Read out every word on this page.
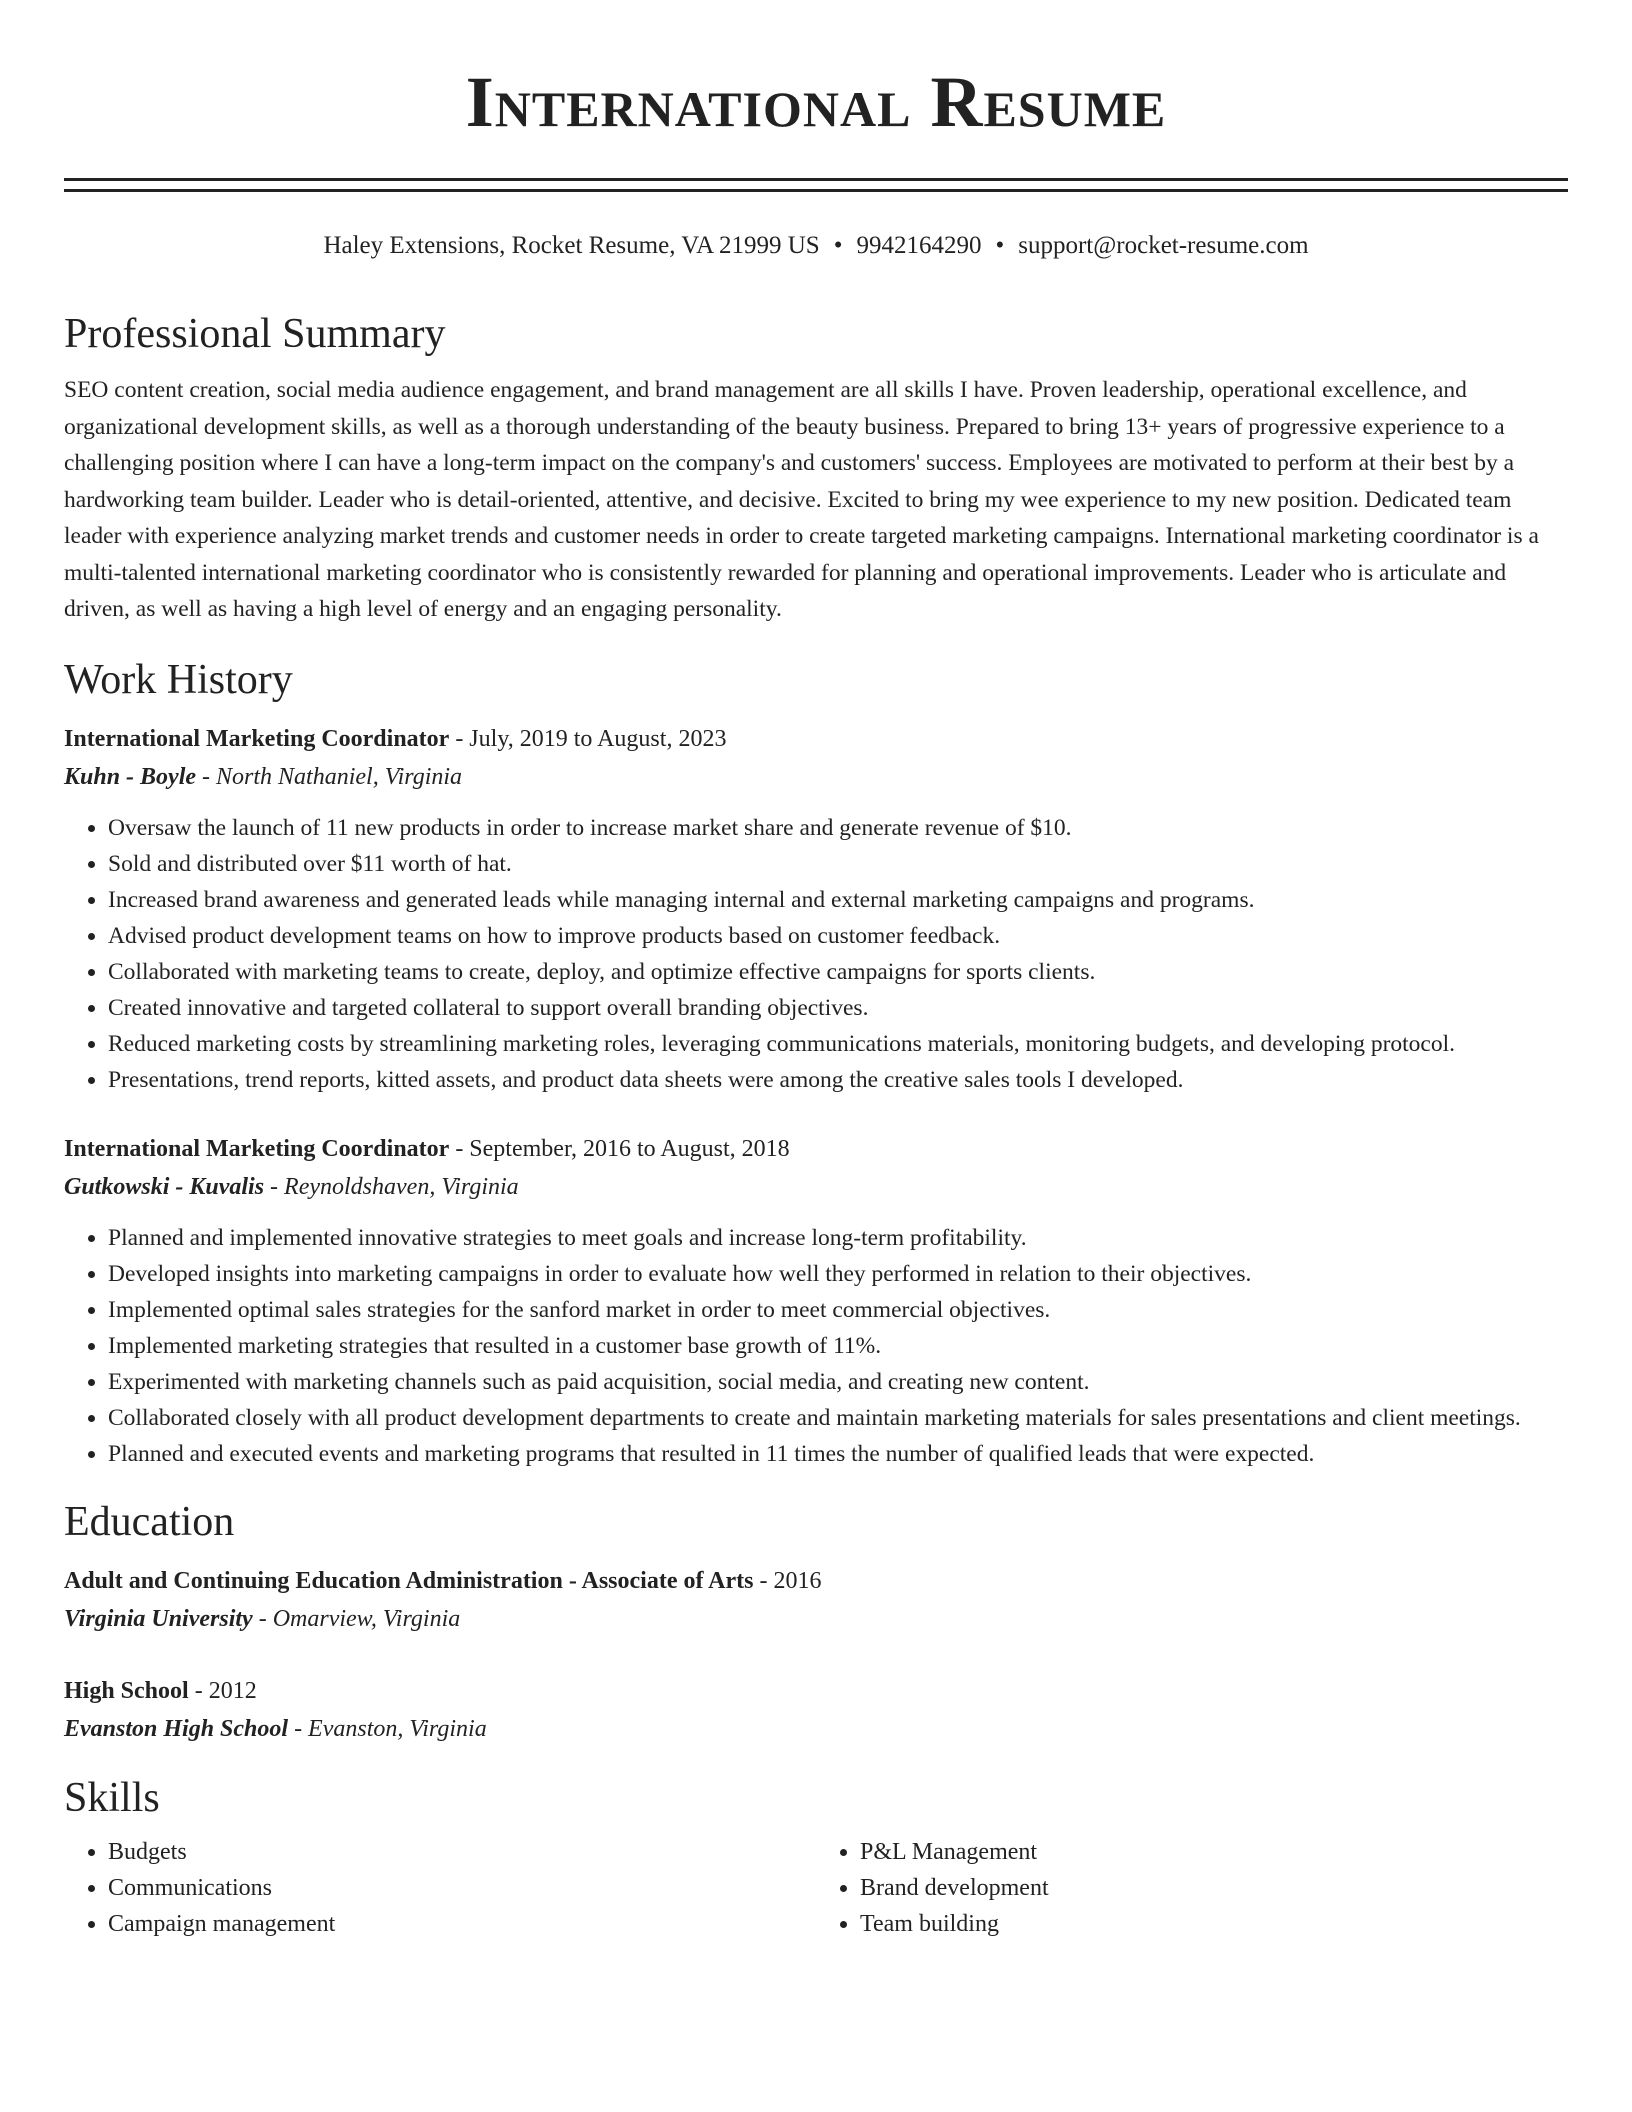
International Resume
Haley Extensions, Rocket Resume, VA 21999 US • 9942164290 • support@rocket-resume.com
Professional Summary

SEO content creation, social media audience engagement, and brand management are all skills I have. Proven leadership, operational excellence, and organizational development skills, as well as a thorough understanding of the beauty business. Prepared to bring 13+ years of progressive experience to a challenging position where I can have a long-term impact on the company's and customers' success. Employees are motivated to perform at their best by a hardworking team builder. Leader who is detail-oriented, attentive, and decisive. Excited to bring my wee experience to my new position. Dedicated team leader with experience analyzing market trends and customer needs in order to create targeted marketing campaigns. International marketing coordinator is a multi-talented international marketing coordinator who is consistently rewarded for planning and operational improvements. Leader who is articulate and driven, as well as having a high level of energy and an engaging personality.

Work History
International Marketing Coordinator - July, 2019 to August, 2023
Kuhn - Boyle - North Nathaniel, Virginia
• Oversaw the launch of 11 new products in order to increase market share and generate revenue of $10.
• Sold and distributed over $11 worth of hat.
• Increased brand awareness and generated leads while managing internal and external marketing campaigns and programs.
• Advised product development teams on how to improve products based on customer feedback.
• Collaborated with marketing teams to create, deploy, and optimize effective campaigns for sports clients.
• Created innovative and targeted collateral to support overall branding objectives.
• Reduced marketing costs by streamlining marketing roles, leveraging communications materials, monitoring budgets, and developing protocol.
• Presentations, trend reports, kitted assets, and product data sheets were among the creative sales tools I developed.
International Marketing Coordinator - September, 2016 to August, 2018
Gutkowski - Kuvalis - Reynoldshaven, Virginia
• Planned and implemented innovative strategies to meet goals and increase long-term profitability.
• Developed insights into marketing campaigns in order to evaluate how well they performed in relation to their objectives.
• Implemented optimal sales strategies for the sanford market in order to meet commercial objectives.
• Implemented marketing strategies that resulted in a customer base growth of 11%.
• Experimented with marketing channels such as paid acquisition, social media, and creating new content.
• Collaborated closely with all product development departments to create and maintain marketing materials for sales presentations and client meetings.
• Planned and executed events and marketing programs that resulted in 11 times the number of qualified leads that were expected.
Education
Adult and Continuing Education Administration - Associate of Arts - 2016
Virginia University - Omarview, Virginia
High School - 2012
Evanston High School - Evanston, Virginia
Skills
• Budgets
• Communications
• Campaign management
• P&L Management
• Brand development
• Team building
